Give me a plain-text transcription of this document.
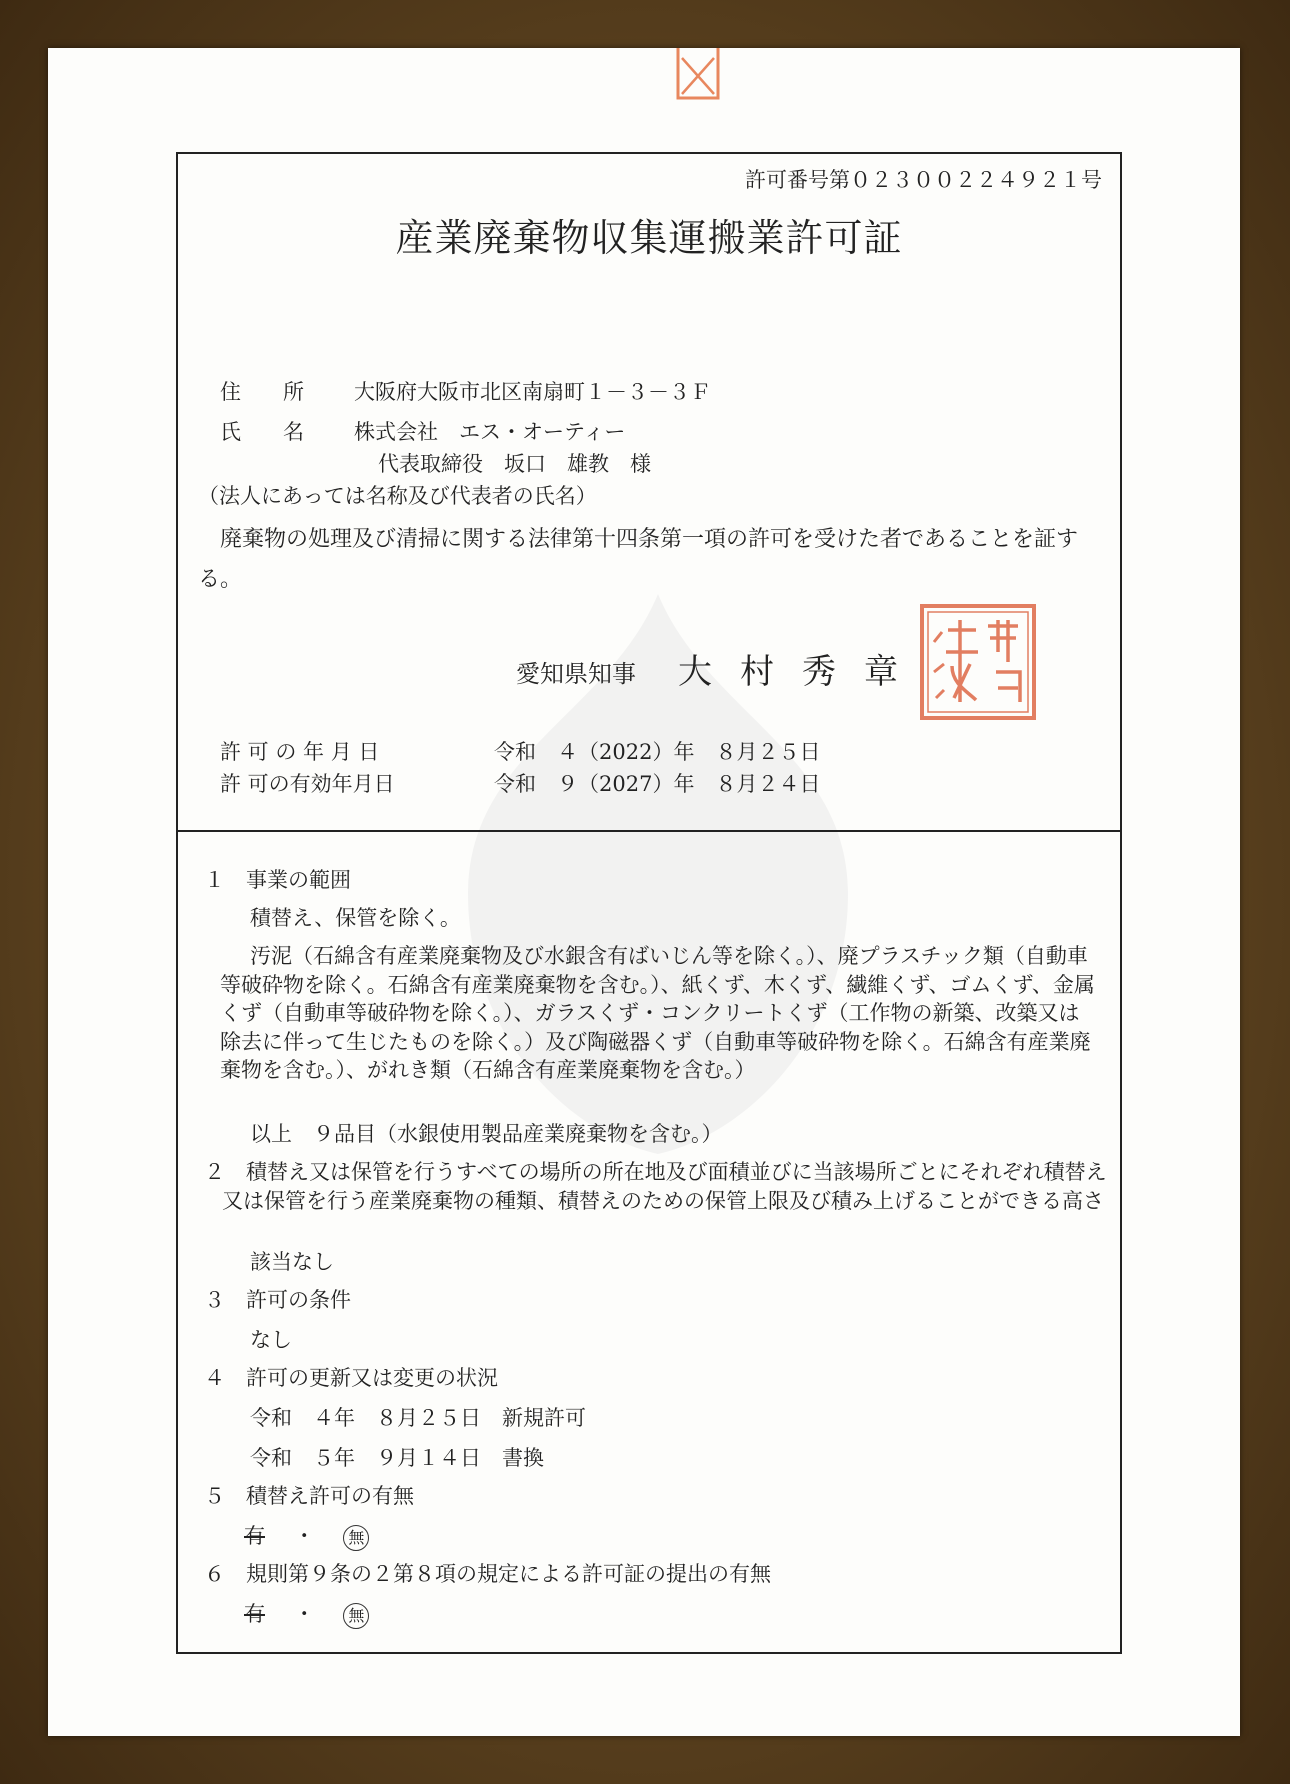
許可番号第０２３００２２４９２１号
産業廃棄物収集運搬業許可証
住　　所 大阪府大阪市北区南扇町１－３－３Ｆ
氏　　名 株式会社　エス・オーティー
代表取締役　坂口　雄教　様
（法人にあっては名称及び代表者の氏名）
廃棄物の処理及び清掃に関する法律第十四条第一項の許可を受けた者であることを証する。
愛知県知事 大村秀章
許 可 の 年 月 日	令和　４（2022）年　８月２５日
許 可の有効年月日	令和　９（2027）年　８月２４日
１　事業の範囲
積替え、保管を除く。
汚泥（石綿含有産業廃棄物及び水銀含有ばいじん等を除く。）、廃プラスチック類（自動車等破砕物を除く。石綿含有産業廃棄物を含む。）、紙くず、木くず、繊維くず、ゴムくず、金属くず（自動車等破砕物を除く。）、ガラスくず・コンクリートくず（工作物の新築、改築又は除去に伴って生じたものを除く。）及び陶磁器くず（自動車等破砕物を除く。石綿含有産業廃棄物を含む。）、がれき類（石綿含有産業廃棄物を含む。）
以上　９品目（水銀使用製品産業廃棄物を含む。）
２　積替え又は保管を行うすべての場所の所在地及び面積並びに当該場所ごとにそれぞれ積替え又は保管を行う産業廃棄物の種類、積替えのための保管上限及び積み上げることができる高さ
該当なし
３　許可の条件
なし
４　許可の更新又は変更の状況
令和　４年　８月２５日　新規許可
令和　５年　９月１４日　書換
５　積替え許可の有無
有 ・ 無
６　規則第９条の２第８項の規定による許可証の提出の有無
有 ・ 無
